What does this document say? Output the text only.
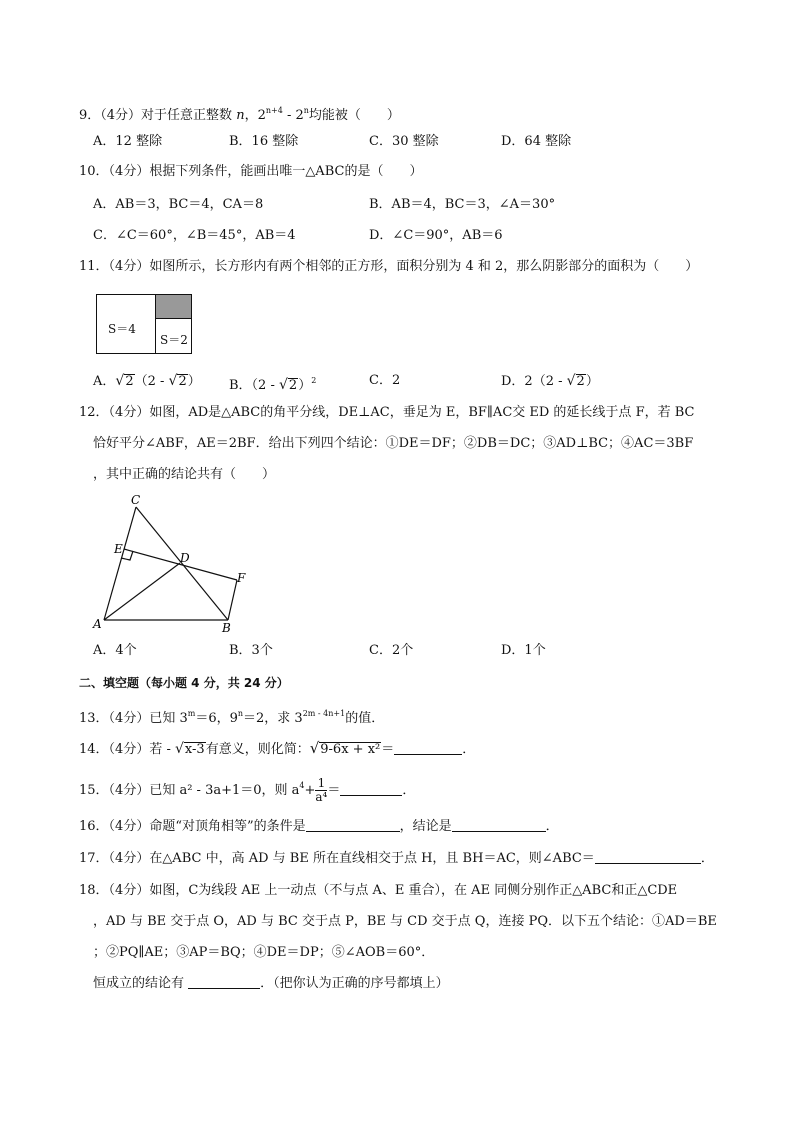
9．（4分）对于任意正整数 n，$2^{n+4} - 2^n$均能被（　　）
A．12 整除	B．16 整除	C．30 整除	D．64 整除
10．（4分）根据下列条件，能画出唯一△ABC的是（　　）
A．AB＝3，BC＝4，CA＝8	B．AB＝4，BC＝3，∠A＝30°
C．∠C＝60°，∠B＝45°，AB＝4	D．∠C＝90°，AB＝6
11．（4分）如图所示，长方形内有两个相邻的正方形，面积分别为 4 和 2，那么阴影部分的面积为（　　）
S＝4
S＝2
A．√2（2 - √2） B．（2 - √2）$^2$	C．2	D．2（2 - √2）
12．（4分）如图，AD是△ABC的角平分线，DE⊥AC，垂足为 E，BF∥AC交 ED 的延长线于点 F，若 BC
恰好平分∠ABF，AE＝2BF．给出下列四个结论：①DE＝DF；②DB＝DC；③AD⊥BC；④AC＝3BF
，其中正确的结论共有（　　）
C
E
D
F
A	B
A．4个	B．3个	C．2个	D．1个
二、填空题（每小题 4 分，共 24 分）
13．（4分）已知 $3^m=6$，$9^n=2$，求 $3^{2m - 4n+1}$的值．
14．（4分）若 - √x-3有意义，则化简：√9-6x + x²＝	．
15．（4分）已知 a² - 3a+1＝0，则 $a^4+ \frac{1}{\text{a⁴}}$ ＝	．
16．（4分）命题“对顶角相等”的条件是	，结论是	．
17．（4分）在△ABC 中，高 AD 与 BE 所在直线相交于点 H，且 BH＝AC，则∠ABC＝	．
18．（4分）如图，C为线段 AE 上一动点（不与点 A、E 重合），在 AE 同侧分别作正△ABC和正△CDE
，AD 与 BE 交于点 O，AD 与 BC 交于点 P，BE 与 CD 交于点 Q，连接 PQ．以下五个结论：①AD＝BE
；②PQ∥AE；③AP＝BQ；④DE＝DP；⑤∠AOB＝60°．
恒成立的结论有	．（把你认为正确的序号都填上）
